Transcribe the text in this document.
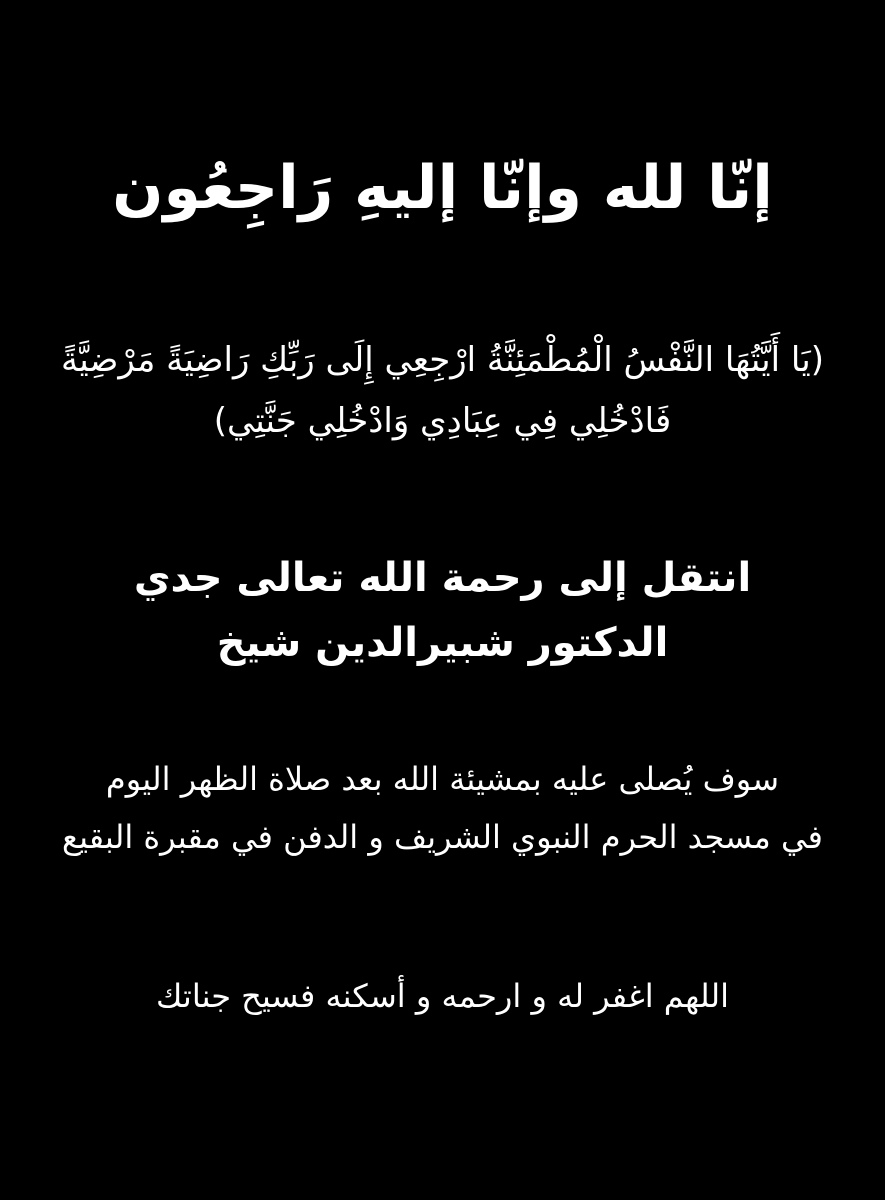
إنّا لله وإنّا إليهِ رَاجِعُون
(يَا أَيَّتُهَا النَّفْسُ الْمُطْمَئِنَّةُ ارْجِعِي إِلَى رَبِّكِ رَاضِيَةً مَرْضِيَّةً
فَادْخُلِي فِي عِبَادِي وَادْخُلِي جَنَّتِي)
انتقل إلى رحمة الله تعالى جدي
الدكتور شبيرالدين شيخ
سوف يُصلى عليه بمشيئة الله بعد صلاة الظهر اليوم
في مسجد الحرم النبوي الشريف و الدفن في مقبرة البقيع
اللهم اغفر له و ارحمه و أسكنه فسيح جناتك
